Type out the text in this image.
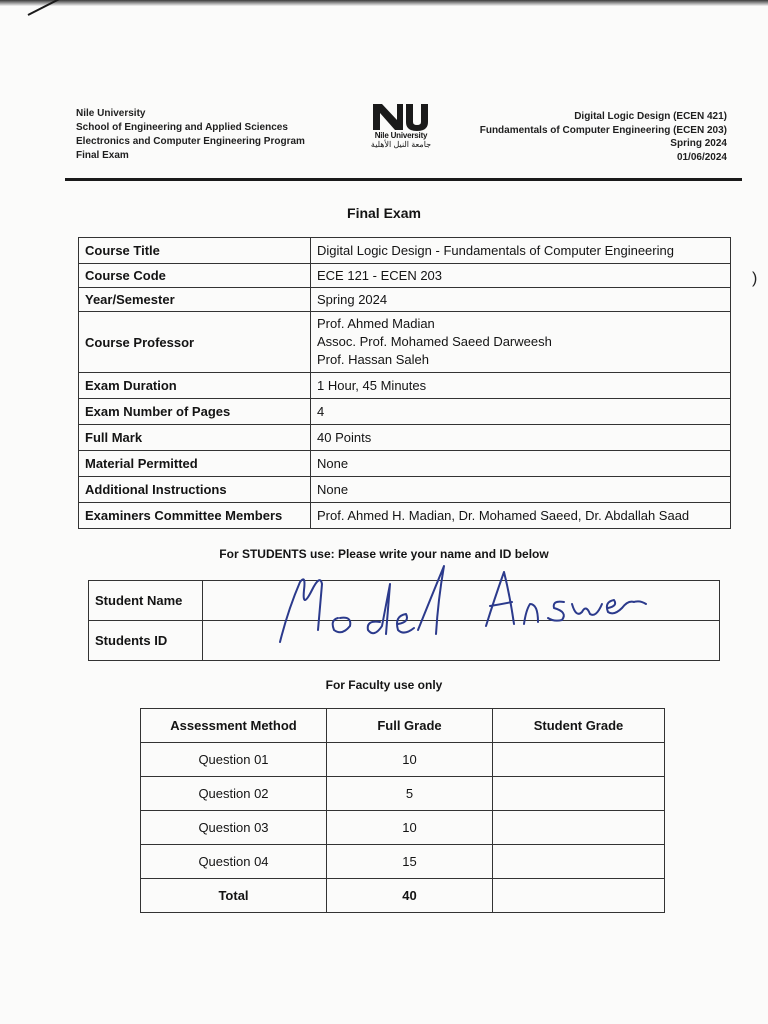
)
Nile University
School of Engineering and Applied Sciences
Electronics and Computer Engineering Program
Final Exam
Nile University
جامعة النيل الأهلية
Digital Logic Design (ECEN 421)
Fundamentals of Computer Engineering (ECEN 203)
Spring 2024
01/06/2024
Final Exam
Course Title	Digital Logic Design - Fundamentals of Computer Engineering
Course Code	ECE 121 - ECEN 203
Year/Semester	Spring 2024
Course Professor	Prof. Ahmed Madian
Assoc. Prof. Mohamed Saeed Darweesh
Prof. Hassan Saleh

Exam Duration	1 Hour, 45 Minutes
Exam Number of Pages	4
Full Mark	40 Points
Material Permitted	None
Additional Instructions	None
Examiners Committee Members	Prof. Ahmed H. Madian, Dr. Mohamed Saeed, Dr. Abdallah Saad
For STUDENTS use: Please write your name and ID below
Student Name	
Students ID	
For Faculty use only
Assessment Method	Full Grade	Student Grade
Question 01	10	
Question 02	5	
Question 03	10	
Question 04	15	
Total	40	
